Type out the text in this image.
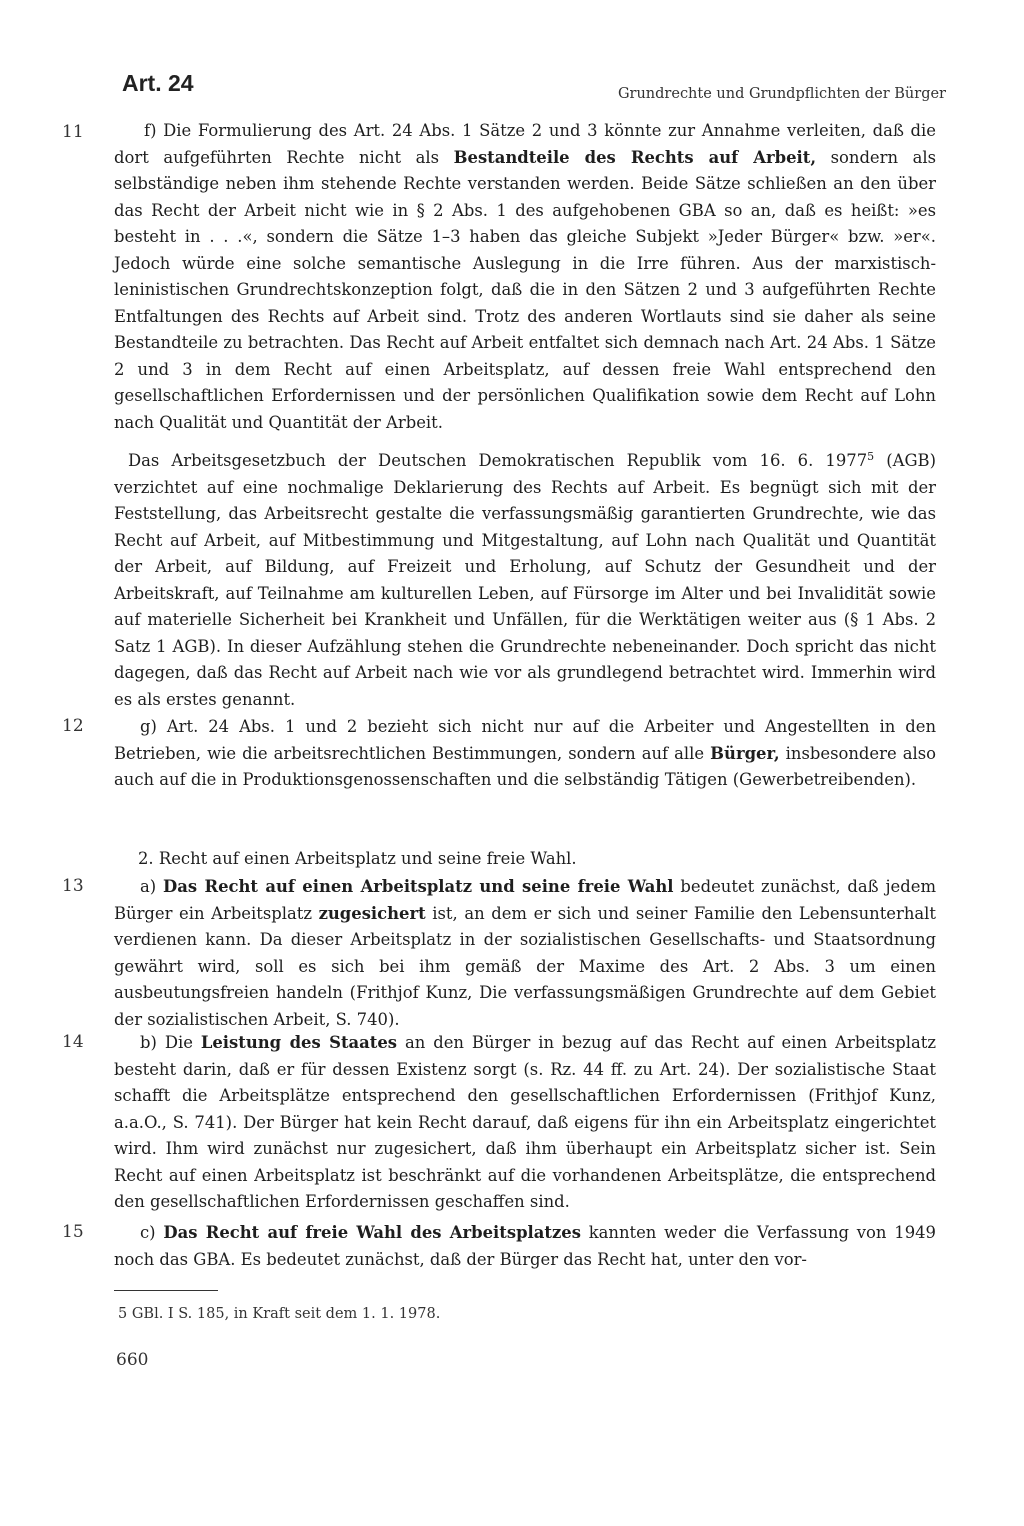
Art. 24	Grundrechte und Grundpflichten der Bürger
11	f) Die Formulierung des Art. 24 Abs. 1 Sätze 2 und 3 könnte zur Annahme verleiten, daß die dort aufgeführten Rechte nicht als Bestandteile des Rechts auf Arbeit, sondern als selbständige neben ihm stehende Rechte verstanden werden. Beide Sätze schließen an den über das Recht der Arbeit nicht wie in § 2 Abs. 1 des aufgehobenen GBA so an, daß es heißt: »es besteht in . . .«, sondern die Sätze 1–3 haben das gleiche Subjekt »Jeder Bürger« bzw. »er«. Jedoch würde eine solche semantische Auslegung in die Irre führen. Aus der marxistisch-leninistischen Grundrechtskonzeption folgt, daß die in den Sätzen 2 und 3 aufgeführten Rechte Entfaltungen des Rechts auf Arbeit sind. Trotz des anderen Wortlauts sind sie daher als seine Bestandteile zu betrachten. Das Recht auf Arbeit entfaltet sich demnach nach Art. 24 Abs. 1 Sätze 2 und 3 in dem Recht auf einen Arbeitsplatz, auf dessen freie Wahl entsprechend den gesellschaftlichen Erfordernissen und der persönlichen Qualifikation sowie dem Recht auf Lohn nach Qualität und Quantität der Arbeit.

Das Arbeitsgesetzbuch der Deutschen Demokratischen Republik vom 16. 6. 1977$^5$ (AGB) verzichtet auf eine nochmalige Deklarierung des Rechts auf Arbeit. Es begnügt sich mit der Feststellung, das Arbeitsrecht gestalte die verfassungsmäßig garantierten Grundrechte, wie das Recht auf Arbeit, auf Mitbestimmung und Mitgestaltung, auf Lohn nach Qualität und Quantität der Arbeit, auf Bildung, auf Freizeit und Erholung, auf Schutz der Gesundheit und der Arbeitskraft, auf Teilnahme am kulturellen Leben, auf Fürsorge im Alter und bei Invalidität sowie auf materielle Sicherheit bei Krankheit und Unfällen, für die Werktätigen weiter aus (§ 1 Abs. 2 Satz 1 AGB). In dieser Aufzählung stehen die Grundrechte nebeneinander. Doch spricht das nicht dagegen, daß das Recht auf Arbeit nach wie vor als grundlegend betrachtet wird. Immerhin wird es als erstes genannt.

12	g) Art. 24 Abs. 1 und 2 bezieht sich nicht nur auf die Arbeiter und Angestellten in den Betrieben, wie die arbeitsrechtlichen Bestimmungen, sondern auf alle Bürger, insbesondere also auch auf die in Produktionsgenossenschaften und die selbständig Tätigen (Gewerbetreibenden).

2. Recht auf einen Arbeitsplatz und seine freie Wahl.

13	a) Das Recht auf einen Arbeitsplatz und seine freie Wahl bedeutet zunächst, daß jedem Bürger ein Arbeitsplatz zugesichert ist, an dem er sich und seiner Familie den Lebensunterhalt verdienen kann. Da dieser Arbeitsplatz in der sozialistischen Gesellschafts- und Staatsordnung gewährt wird, soll es sich bei ihm gemäß der Maxime des Art. 2 Abs. 3 um einen ausbeutungsfreien handeln (Frithjof Kunz, Die verfassungsmäßigen Grundrechte auf dem Gebiet der sozialistischen Arbeit, S. 740).

14	b) Die Leistung des Staates an den Bürger in bezug auf das Recht auf einen Arbeitsplatz besteht darin, daß er für dessen Existenz sorgt (s. Rz. 44 ff. zu Art. 24). Der sozialistische Staat schafft die Arbeitsplätze entsprechend den gesellschaftlichen Erfordernissen (Frithjof Kunz, a.a.O., S. 741). Der Bürger hat kein Recht darauf, daß eigens für ihn ein Arbeitsplatz eingerichtet wird. Ihm wird zunächst nur zugesichert, daß ihm überhaupt ein Arbeitsplatz sicher ist. Sein Recht auf einen Arbeitsplatz ist beschränkt auf die vorhandenen Arbeitsplätze, die entsprechend den gesellschaftlichen Erfordernissen geschaffen sind.

15	c) Das Recht auf freie Wahl des Arbeitsplatzes kannten weder die Verfassung von 1949 noch das GBA. Es bedeutet zunächst, daß der Bürger das Recht hat, unter den vor-

5 GBl. I S. 185, in Kraft seit dem 1. 1. 1978.
660
